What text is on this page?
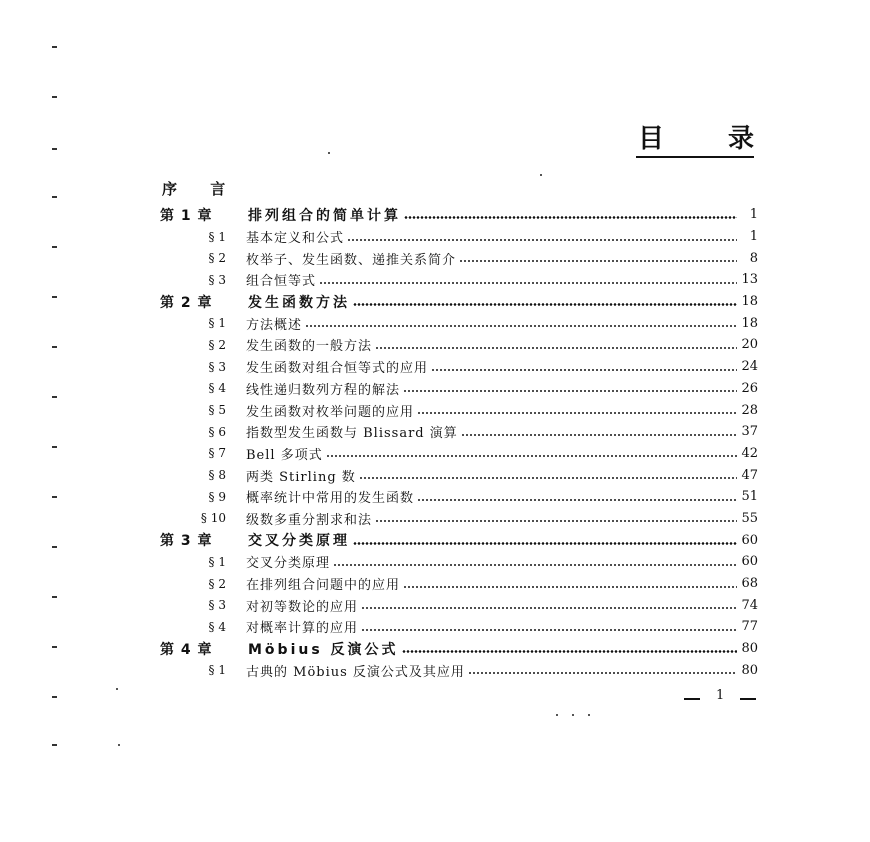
目 录
序 言
第 1 章	排列组合的简单计算	1
§ 1	基本定义和公式	1
§ 2	枚举子、发生函数、递推关系简介	8
§ 3	组合恒等式	13
第 2 章	发生函数方法	18
§ 1	方法概述	18
§ 2	发生函数的一般方法	20
§ 3	发生函数对组合恒等式的应用	24
§ 4	线性递归数列方程的解法	26
§ 5	发生函数对枚举问题的应用	28
§ 6	指数型发生函数与 Blissard 演算	37
§ 7	Bell 多项式	42
§ 8	两类 Stirling 数	47
§ 9	概率统计中常用的发生函数	51
§ 10	级数多重分割求和法	55
第 3 章	交叉分类原理	60
§ 1	交叉分类原理	60
§ 2	在排列组合问题中的应用	68
§ 3	对初等数论的应用	74
§ 4	对概率计算的应用	77
第 4 章	Möbius 反演公式	80
§ 1	古典的 Möbius 反演公式及其应用	80
1
